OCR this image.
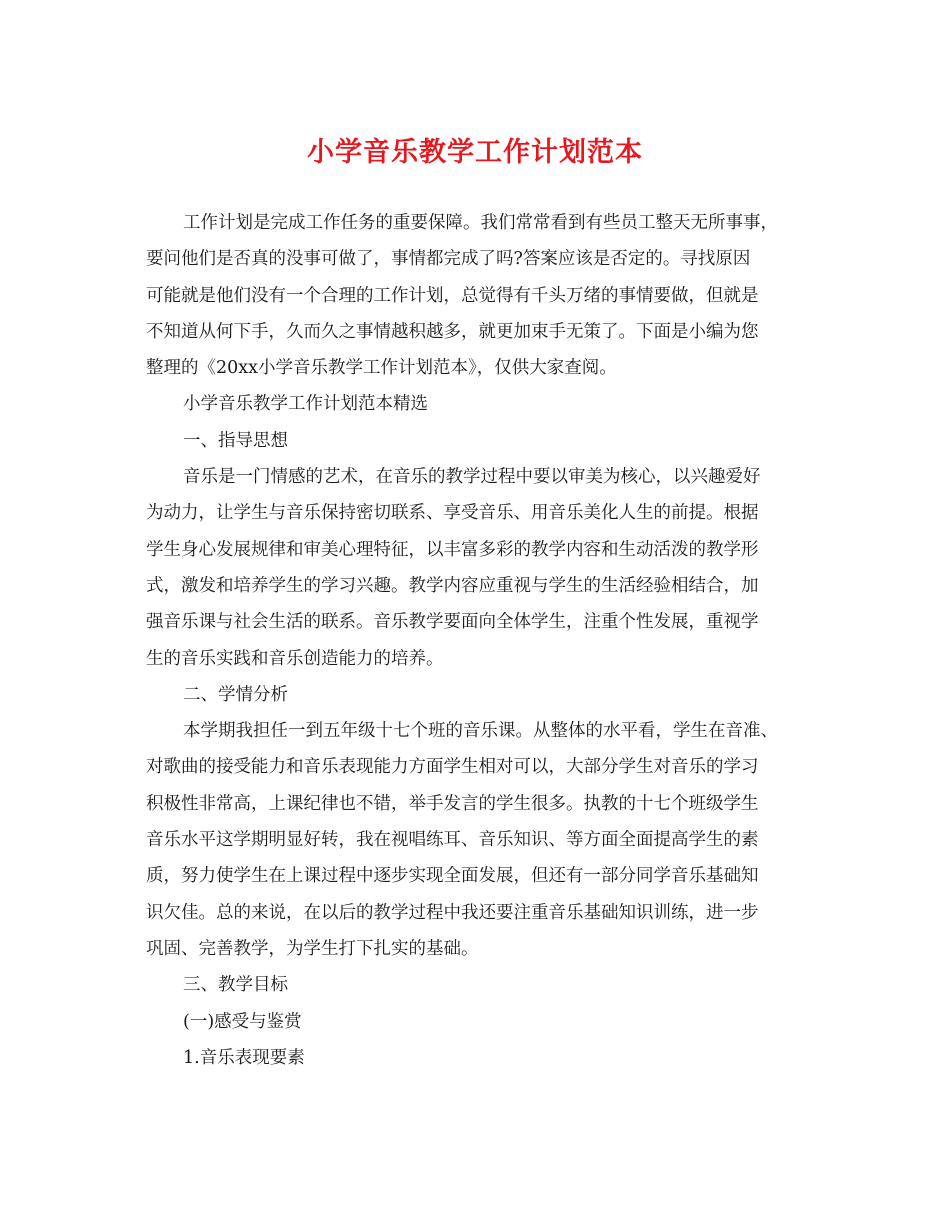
小学音乐教学工作计划范本

工作计划是完成工作任务的重要保障。我们常常看到有些员工整天无所事事，

要问他们是否真的没事可做了，事情都完成了吗?答案应该是否定的。寻找原因

可能就是他们没有一个合理的工作计划，总觉得有千头万绪的事情要做，但就是

不知道从何下手，久而久之事情越积越多，就更加束手无策了。下面是小编为您

整理的《20xx小学音乐教学工作计划范本》，仅供大家查阅。

小学音乐教学工作计划范本精选

一、指导思想

音乐是一门情感的艺术，在音乐的教学过程中要以审美为核心，以兴趣爱好

为动力，让学生与音乐保持密切联系、享受音乐、用音乐美化人生的前提。根据

学生身心发展规律和审美心理特征，以丰富多彩的教学内容和生动活泼的教学形

式，激发和培养学生的学习兴趣。教学内容应重视与学生的生活经验相结合，加

强音乐课与社会生活的联系。音乐教学要面向全体学生，注重个性发展，重视学

生的音乐实践和音乐创造能力的培养。

二、学情分析

本学期我担任一到五年级十七个班的音乐课。从整体的水平看，学生在音准、

对歌曲的接受能力和音乐表现能力方面学生相对可以，大部分学生对音乐的学习

积极性非常高，上课纪律也不错，举手发言的学生很多。执教的十七个班级学生

音乐水平这学期明显好转，我在视唱练耳、音乐知识、等方面全面提高学生的素

质，努力使学生在上课过程中逐步实现全面发展，但还有一部分同学音乐基础知

识欠佳。总的来说，在以后的教学过程中我还要注重音乐基础知识训练，进一步

巩固、完善教学，为学生打下扎实的基础。

三、教学目标

(一)感受与鉴赏

1.音乐表现要素
